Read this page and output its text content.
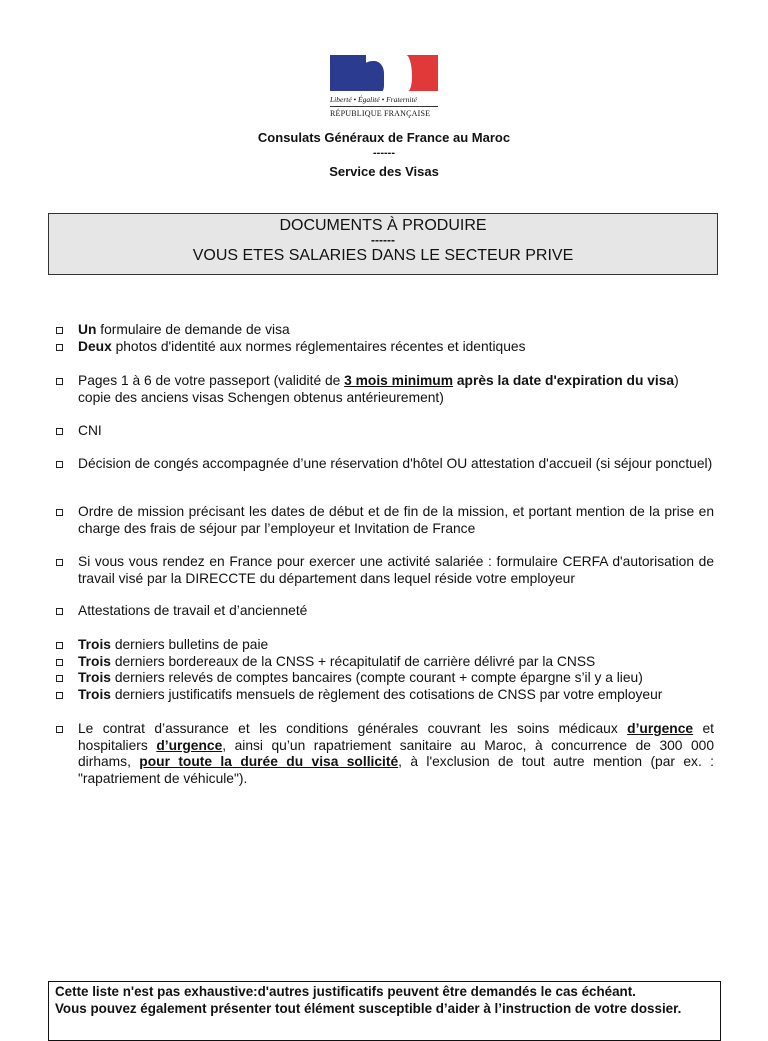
Liberté • Égalité • Fraternité
RÉPUBLIQUE FRANÇAISE
Consulats Généraux de France au Maroc
------
Service des Visas
DOCUMENTS À PRODUIRE
------
VOUS ETES SALARIES DANS LE SECTEUR PRIVE

Un formulaire de demande de visa

Deux photos d'identité aux normes réglementaires récentes et identiques

Pages 1 à 6 de votre passeport (validité de 3 mois minimum après la date d'expiration du visa) copie des anciens visas Schengen obtenus antérieurement)

CNI

Décision de congés accompagnée d’une réservation d'hôtel OU attestation d'accueil (si séjour ponctuel)

Ordre de mission précisant les dates de début et de fin de la mission, et portant mention de la prise en charge des frais de séjour par l’employeur et Invitation de France

Si vous vous rendez en France pour exercer une activité salariée : formulaire CERFA d'autorisation de travail visé par la DIRECCTE du département dans lequel réside votre employeur

Attestations de travail et d’ancienneté

Trois derniers bulletins de paie

Trois derniers bordereaux de la CNSS + récapitulatif de carrière délivré par la CNSS

Trois derniers relevés de comptes bancaires (compte courant + compte épargne s’il y a lieu)

Trois derniers justificatifs mensuels de règlement des cotisations de CNSS par votre employeur

Le contrat d’assurance et les conditions générales couvrant les soins médicaux d’urgence et hospitaliers d’urgence, ainsi qu’un rapatriement sanitaire au Maroc, à concurrence de 300 000 dirhams, pour toute la durée du visa sollicité, à l'exclusion de tout autre mention (par ex. : "rapatriement de véhicule").

Cette liste n'est pas exhaustive:d'autres justificatifs peuvent être demandés le cas échéant.
Vous pouvez également présenter tout élément susceptible d’aider à l’instruction de votre dossier.
